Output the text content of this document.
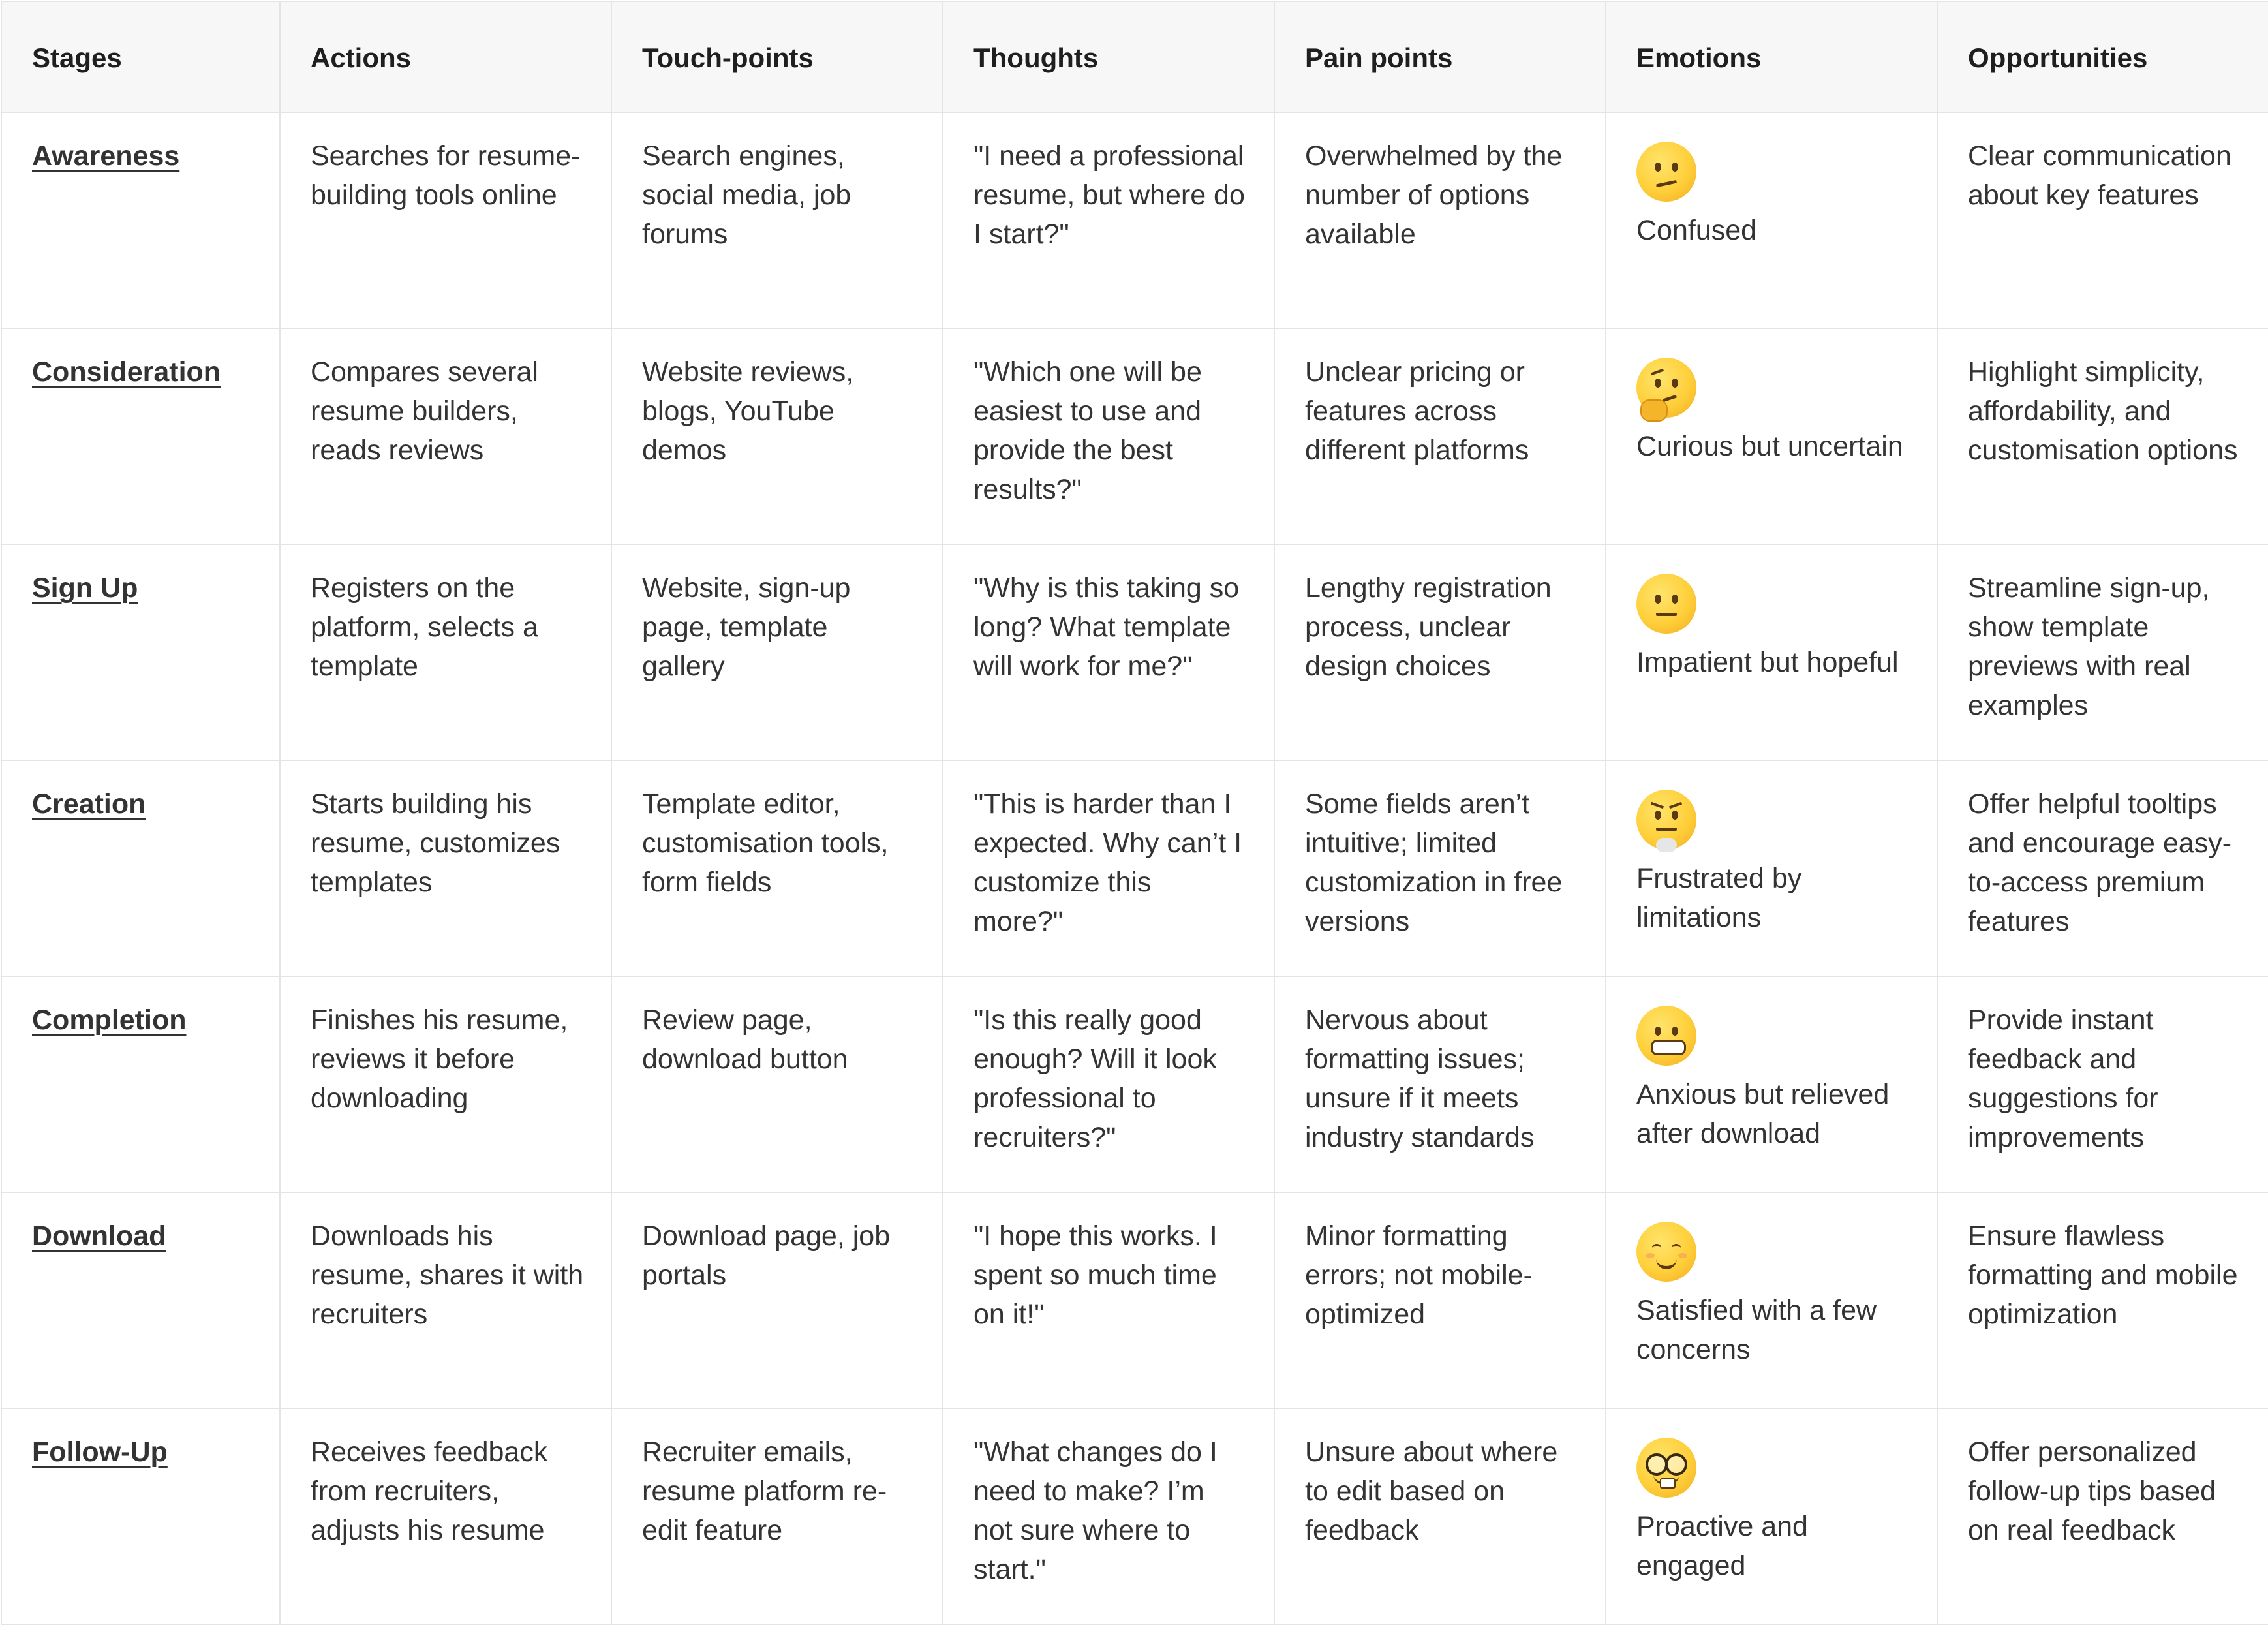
Stages	Actions	Touch-points	Thoughts	Pain points	Emotions	Opportunities
Awareness	Searches for resume-building tools online	Search engines, social media, job forums	"I need a professional resume, but where do I start?"	Overwhelmed by the number of options available	Confused	Clear communication about key features
Consideration	Compares several resume builders, reads reviews	Website reviews, blogs, YouTube demos	"Which one will be easiest to use and provide the best results?"	Unclear pricing or features across different platforms	Curious but uncertain	Highlight simplicity, affordability, and customisation options
Sign Up	Registers on the platform, selects a template	Website, sign-up page, template gallery	"Why is this taking so long? What template will work for me?"	Lengthy registration process, unclear design choices	Impatient but hopeful	Streamline sign-up, show template previews with real examples
Creation	Starts building his resume, customizes templates	Template editor, customisation tools, form fields	"This is harder than I expected. Why can’t I customize this more?"	Some fields aren’t intuitive; limited customization in free versions	Frustrated by limitations	Offer helpful tooltips and encourage easy-to-access premium features
Completion	Finishes his resume, reviews it before downloading	Review page, download button	"Is this really good enough? Will it look professional to recruiters?"	Nervous about formatting issues; unsure if it meets industry standards	Anxious but relieved after download	Provide instant feedback and suggestions for improvements
Download	Downloads his resume, shares it with recruiters	Download page, job portals	"I hope this works. I spent so much time on it!"	Minor formatting errors; not mobile-optimized	Satisfied with a few concerns	Ensure flawless formatting and mobile optimization
Follow-Up	Receives feedback from recruiters, adjusts his resume	Recruiter emails, resume platform re-edit feature	"What changes do I need to make? I’m not sure where to start."	Unsure about where to edit based on feedback	Proactive and engaged	Offer personalized follow-up tips based on real feedback
